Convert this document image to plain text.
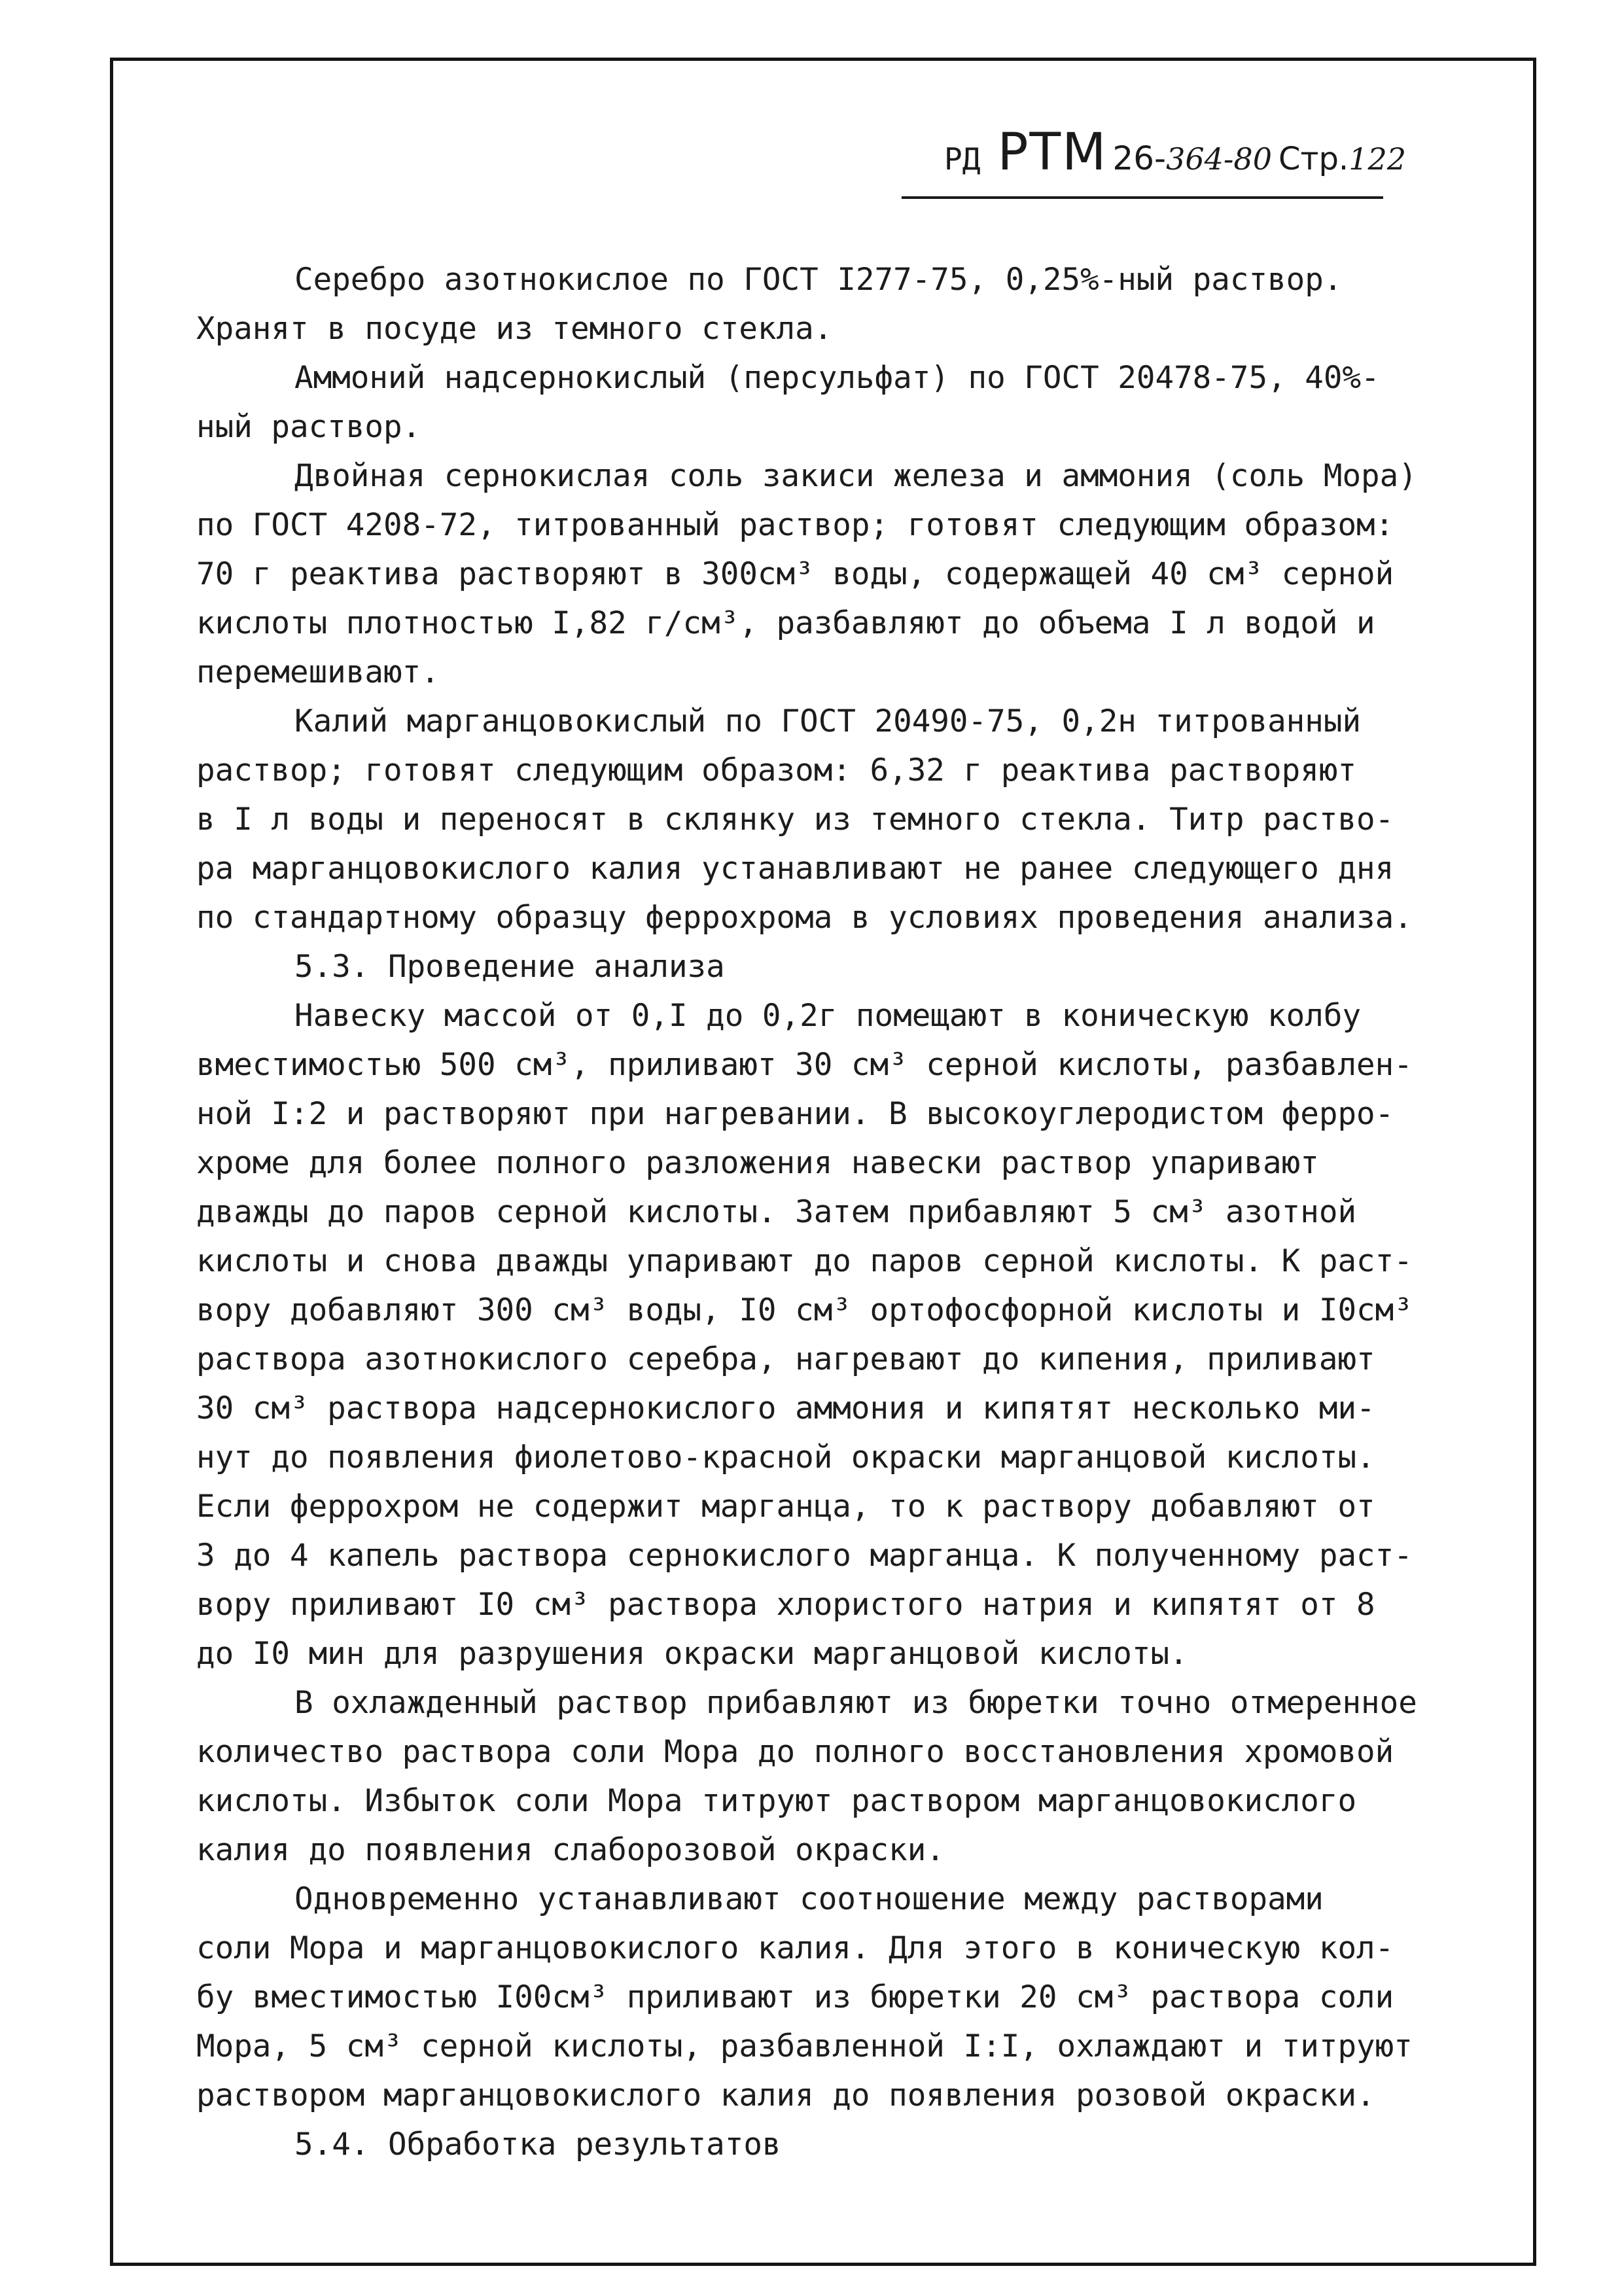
РД РТМ 26- 364-80 Стр. 122
Серебро азотнокислое по ГОСТ I277-75, 0,25%-ный раствор.
Хранят в посуде из темного стекла.
Аммоний надсернокислый (персульфат) по ГОСТ 20478-75, 40%-
ный раствор.
Двойная сернокислая соль закиси железа и аммония (соль Мора)
по ГОСТ 4208-72, титрованный раствор; готовят следующим образом:
70 г реактива растворяют в 300см³ воды, содержащей 40 см³ серной
кислоты плотностью I,82 г/см³, разбавляют до объема I л водой и
перемешивают.
Калий марганцовокислый по ГОСТ 20490-75, 0,2н титрованный
раствор; готовят следующим образом: 6,32 г реактива растворяют
в I л воды и переносят в склянку из темного стекла. Титр раство-
ра марганцовокислого калия устанавливают не ранее следующего дня
по стандартному образцу феррохрома в условиях проведения анализа.
5.3. Проведение анализа
Навеску массой от 0,I до 0,2г помещают в коническую колбу
вместимостью 500 см³, приливают 30 см³ серной кислоты, разбавлен-
ной I:2 и растворяют при нагревании. В высокоуглеродистом ферро-
хроме для более полного разложения навески раствор упаривают
дважды до паров серной кислоты. Затем прибавляют 5 см³ азотной
кислоты и снова дважды упаривают до паров серной кислоты. К раст-
вору добавляют 300 см³ воды, I0 см³ ортофосфорной кислоты и I0см³
раствора азотнокислого серебра, нагревают до кипения, приливают
30 см³ раствора надсернокислого аммония и кипятят несколько ми-
нут до появления фиолетово-красной окраски марганцовой кислоты.
Если феррохром не содержит марганца, то к раствору добавляют от
3 до 4 капель раствора сернокислого марганца. К полученному раст-
вору приливают I0 см³ раствора хлористого натрия и кипятят от 8
до I0 мин для разрушения окраски марганцовой кислоты.
В охлажденный раствор прибавляют из бюретки точно отмеренное
количество раствора соли Мора до полного восстановления хромовой
кислоты. Избыток соли Мора титруют раствором марганцовокислого
калия до появления слаборозовой окраски.
Одновременно устанавливают соотношение между растворами
соли Мора и марганцовокислого калия. Для этого в коническую кол-
бу вместимостью I00см³ приливают из бюретки 20 см³ раствора соли
Мора, 5 см³ серной кислоты, разбавленной I:I, охлаждают и титруют
раствором марганцовокислого калия до появления розовой окраски.
5.4. Обработка результатов
